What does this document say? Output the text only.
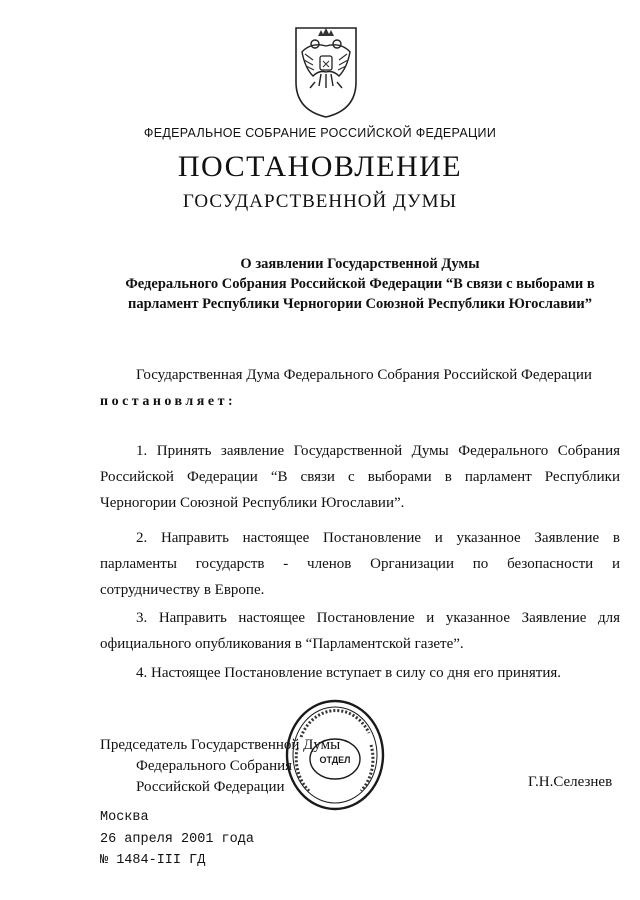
ФЕДЕРАЛЬНОЕ СОБРАНИЕ РОССИЙСКОЙ ФЕДЕРАЦИИ
ПОСТАНОВЛЕНИЕ
ГОСУДАРСТВЕННОЙ ДУМЫ
О заявлении Государственной Думы
Федерального Собрания Российской Федерации “В связи с выборами в
парламент Республики Черногории Союзной Республики Югославии”
Государственная Дума Федерального Собрания Российской Федерации
постановляет:
1. Принять заявление Государственной Думы Федерального Собрания
Российской Федерации “В связи с выборами в парламент Республики
Черногории Союзной Республики Югославии”.
2. Направить настоящее Постановление и указанное Заявление в
парламенты государств - членов Организации по безопасности и
сотрудничеству в Европе.
3. Направить настоящее Постановление и указанное Заявление для
официального опубликования в “Парламентской газете”.
4. Настоящее Постановление вступает в силу со дня его принятия.
Председатель Государственной Думы
Федерального Собрания
Российской Федерации	Г.Н.Селезнев
ОТДЕЛ
Москва
26 апреля 2001 года
№ 1484-III ГД
